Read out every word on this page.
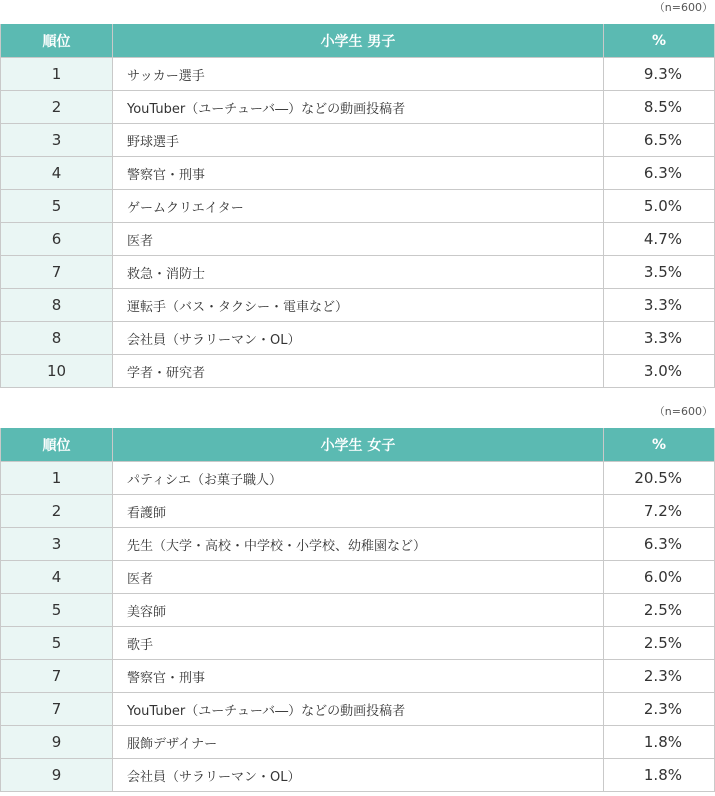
（n=600）
順位	小学生 男子	%
1	サッカー選手	9.3%
2	YouTuber（ユーチューバ―）などの動画投稿者	8.5%
3	野球選手	6.5%
4	警察官・刑事	6.3%
5	ゲームクリエイター	5.0%
6	医者	4.7%
7	救急・消防士	3.5%
8	運転手（バス・タクシー・電車など）	3.3%
8	会社員（サラリーマン・OL）	3.3%
10	学者・研究者	3.0%
（n=600）
順位	小学生 女子	%
1	パティシエ（お菓子職人）	20.5%
2	看護師	7.2%
3	先生（大学・高校・中学校・小学校、幼稚園など）	6.3%
4	医者	6.0%
5	美容師	2.5%
5	歌手	2.5%
7	警察官・刑事	2.3%
7	YouTuber（ユーチューバ―）などの動画投稿者	2.3%
9	服飾デザイナー	1.8%
9	会社員（サラリーマン・OL）	1.8%
